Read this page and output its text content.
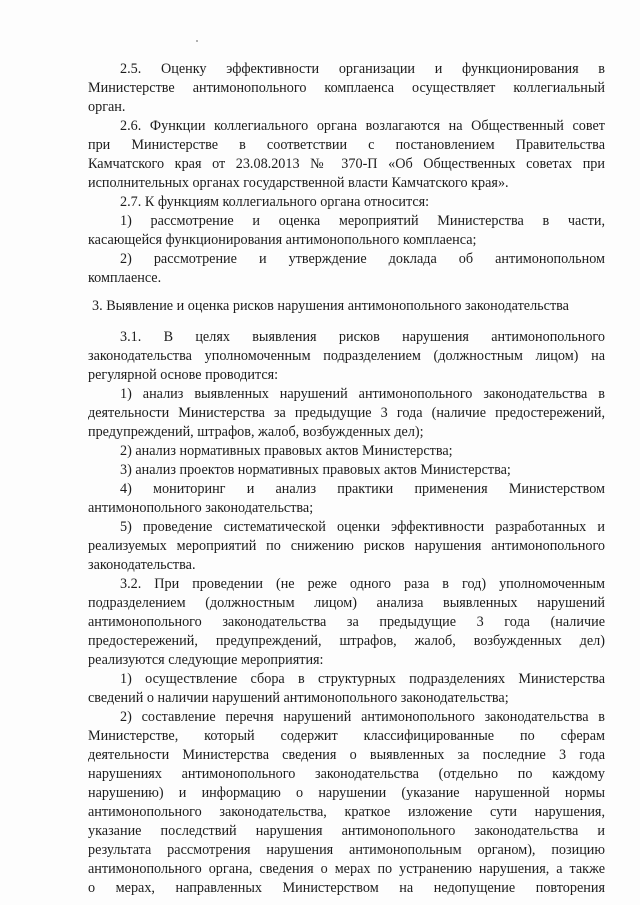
2.5. Оценку эффективности организации и функционирования в
Министерстве антимонопольного комплаенса осуществляет коллегиальный
орган.
2.6. Функции коллегиального органа возлагаются на Общественный совет
при Министерстве в соответствии с постановлением Правительства
Камчатского края от 23.08.2013 № 370-П «Об Общественных советах при
исполнительных органах государственной власти Камчатского края».
2.7. К функциям коллегиального органа относится:
1) рассмотрение и оценка мероприятий Министерства в части,
касающейся функционирования антимонопольного комплаенса;
2) рассмотрение и утверждение доклада об антимонопольном
комплаенсе.
3. Выявление и оценка рисков нарушения антимонопольного законодательства
3.1. В целях выявления рисков нарушения антимонопольного
законодательства уполномоченным подразделением (должностным лицом) на
регулярной основе проводится:
1) анализ выявленных нарушений антимонопольного законодательства в
деятельности Министерства за предыдущие 3 года (наличие предостережений,
предупреждений, штрафов, жалоб, возбужденных дел);
2) анализ нормативных правовых актов Министерства;
3) анализ проектов нормативных правовых актов Министерства;
4) мониторинг и анализ практики применения Министерством
антимонопольного законодательства;
5) проведение систематической оценки эффективности разработанных и
реализуемых мероприятий по снижению рисков нарушения антимонопольного
законодательства.
3.2. При проведении (не реже одного раза в год) уполномоченным
подразделением (должностным лицом) анализа выявленных нарушений
антимонопольного законодательства за предыдущие 3 года (наличие
предостережений, предупреждений, штрафов, жалоб, возбужденных дел)
реализуются следующие мероприятия:
1) осуществление сбора в структурных подразделениях Министерства
сведений о наличии нарушений антимонопольного законодательства;
2) составление перечня нарушений антимонопольного законодательства в
Министерстве, который содержит классифицированные по сферам
деятельности Министерства сведения о выявленных за последние 3 года
нарушениях антимонопольного законодательства (отдельно по каждому
нарушению) и информацию о нарушении (указание нарушенной нормы
антимонопольного законодательства, краткое изложение сути нарушения,
указание последствий нарушения антимонопольного законодательства и
результата рассмотрения нарушения антимонопольным органом), позицию
антимонопольного органа, сведения о мерах по устранению нарушения, а также
о мерах, направленных Министерством на недопущение повторения
